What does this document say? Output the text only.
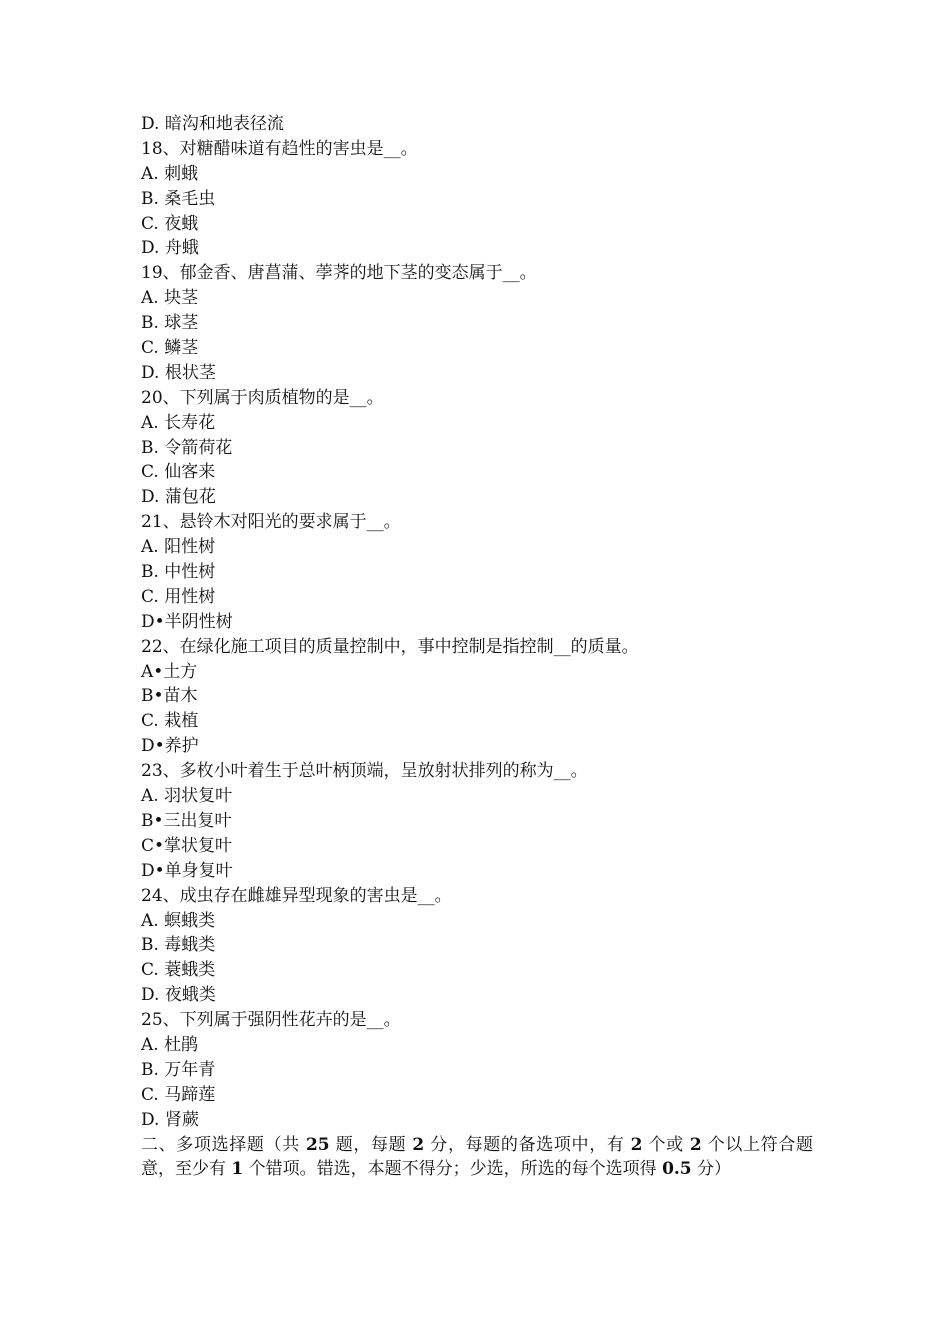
D. 暗沟和地表径流
18、对糖醋味道有趋性的害虫是__。
A. 刺蛾
B. 桑毛虫
C. 夜蛾
D. 舟蛾
19、郁金香、唐菖蒲、荸荠的地下茎的变态属于__。
A. 块茎
B. 球茎
C. 鳞茎
D. 根状茎
20、下列属于肉质植物的是__。
A. 长寿花
B. 令箭荷花
C. 仙客来
D. 蒲包花
21、悬铃木对阳光的要求属于__。
A. 阳性树
B. 中性树
C. 用性树
D•半阴性树
22、在绿化施工项目的质量控制中，事中控制是指控制__的质量。
A•土方
B•苗木
C. 栽植
D•养护
23、多枚小叶着生于总叶柄顶端，呈放射状排列的称为__。
A. 羽状复叶
B•三出复叶
C•掌状复叶
D•单身复叶
24、成虫存在雌雄异型现象的害虫是__。
A. 螟蛾类
B. 毒蛾类
C. 蓑蛾类
D. 夜蛾类
25、下列属于强阴性花卉的是__。
A. 杜鹃
B. 万年青
C. 马蹄莲
D. 肾蕨
二、多项选择题（共 25 题，每题 2 分，每题的备选项中，有 2 个或 2 个以上符合题意，至少有 1 个错项。错选，本题不得分；少选，所选的每个选项得 0.5 分）
